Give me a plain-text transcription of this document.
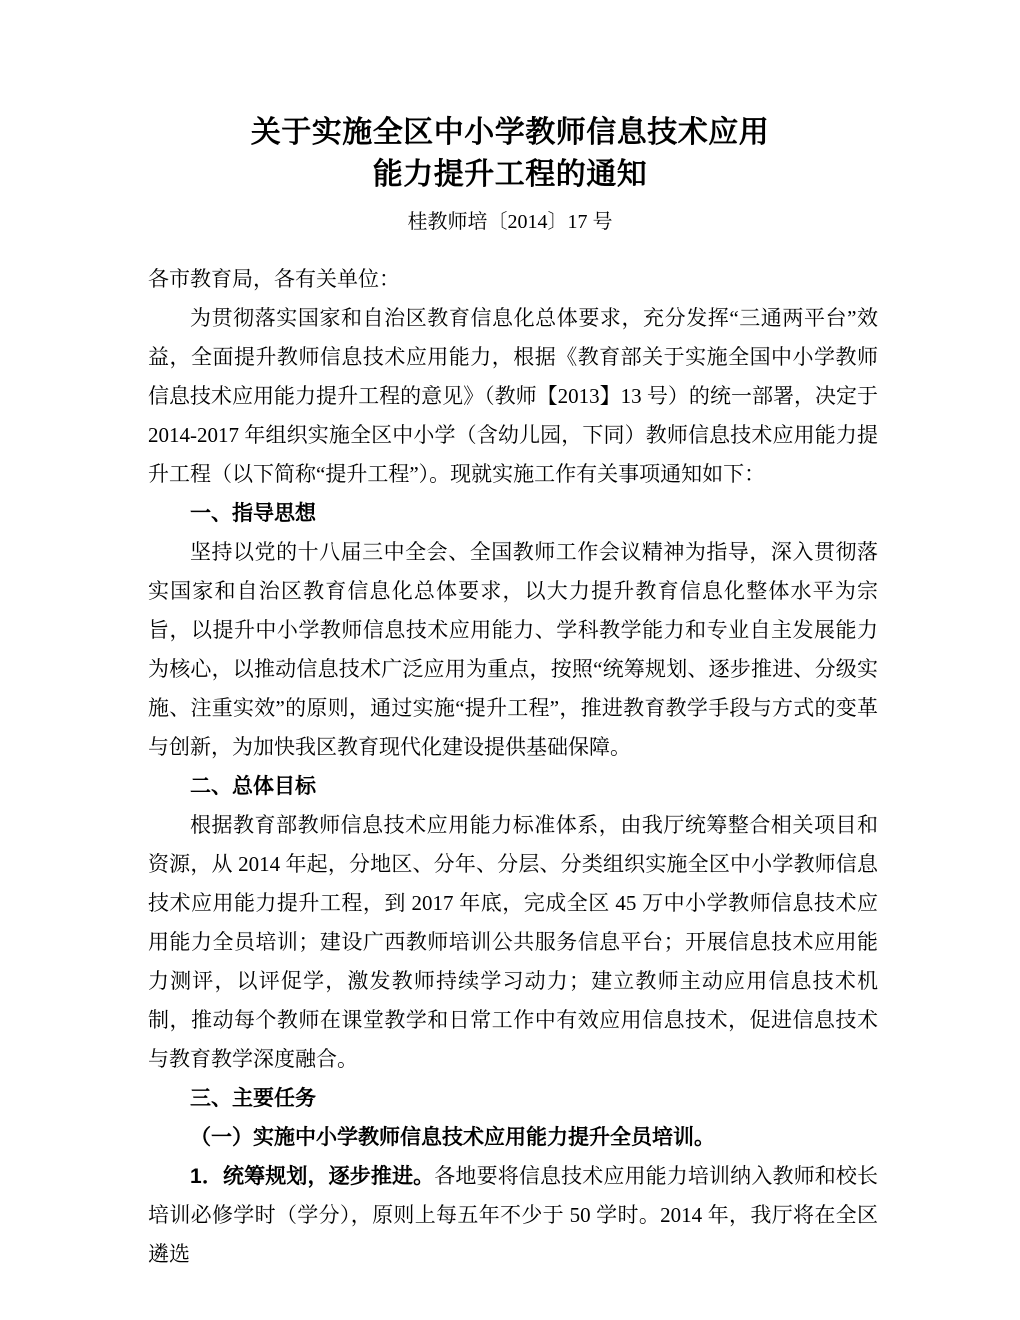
关于实施全区中小学教师信息技术应用
能力提升工程的通知
桂教师培〔2014〕17 号

各市教育局，各有关单位：

为贯彻落实国家和自治区教育信息化总体要求，充分发挥“三通两平台”效益，全面提升教师信息技术应用能力，根据《教育部关于实施全国中小学教师信息技术应用能力提升工程的意见》（教师【2013】13 号）的统一部署，决定于 2014-2017 年组织实施全区中小学（含幼儿园，下同）教师信息技术应用能力提升工程（以下简称“提升工程”）。现就实施工作有关事项通知如下：

一、指导思想

坚持以党的十八届三中全会、全国教师工作会议精神为指导，深入贯彻落实国家和自治区教育信息化总体要求，以大力提升教育信息化整体水平为宗旨，以提升中小学教师信息技术应用能力、学科教学能力和专业自主发展能力为核心，以推动信息技术广泛应用为重点，按照“统筹规划、逐步推进、分级实施、注重实效”的原则，通过实施“提升工程”，推进教育教学手段与方式的变革与创新，为加快我区教育现代化建设提供基础保障。

二、总体目标

根据教育部教师信息技术应用能力标准体系，由我厅统筹整合相关项目和资源，从 2014 年起，分地区、分年、分层、分类组织实施全区中小学教师信息技术应用能力提升工程，到 2017 年底，完成全区 45 万中小学教师信息技术应用能力全员培训；建设广西教师培训公共服务信息平台；开展信息技术应用能力测评，以评促学，激发教师持续学习动力；建立教师主动应用信息技术机制，推动每个教师在课堂教学和日常工作中有效应用信息技术，促进信息技术与教育教学深度融合。

三、主要任务

（一）实施中小学教师信息技术应用能力提升全员培训。

1．统筹规划，逐步推进。各地要将信息技术应用能力培训纳入教师和校长培训必修学时（学分），原则上每五年不少于 50 学时。2014 年，我厅将在全区遴选
